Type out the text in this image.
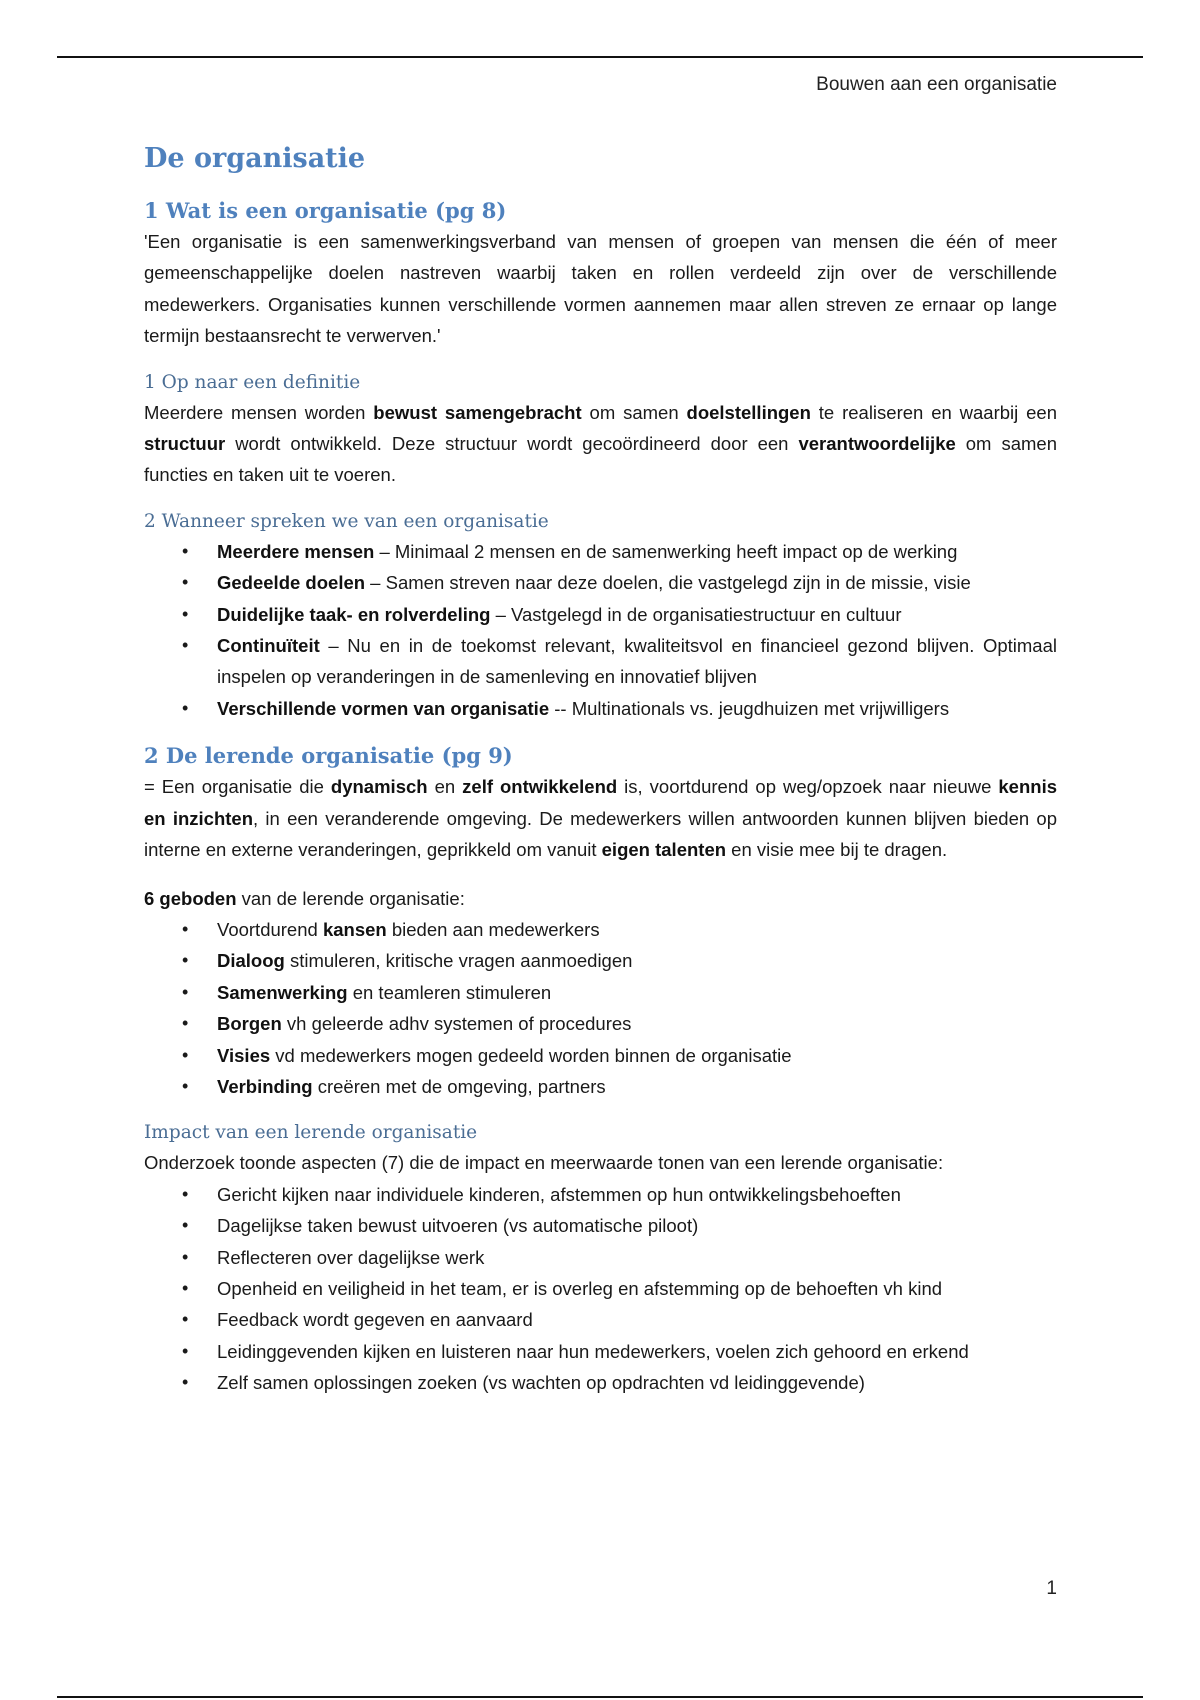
Bouwen aan een organisatie
De organisatie
1 Wat is een organisatie (pg 8)

'Een organisatie is een samenwerkingsverband van mensen of groepen van mensen die één of meer gemeenschappelijke doelen nastreven waarbij taken en rollen verdeeld zijn over de verschillende medewerkers. Organisaties kunnen verschillende vormen aannemen maar allen streven ze ernaar op lange termijn bestaansrecht te verwerven.'

1 Op naar een definitie

Meerdere mensen worden bewust samengebracht om samen doelstellingen te realiseren en waarbij een structuur wordt ontwikkeld. Deze structuur wordt gecoördineerd door een verantwoordelijke om samen functies en taken uit te voeren.

2 Wanneer spreken we van een organisatie
• Meerdere mensen – Minimaal 2 mensen en de samenwerking heeft impact op de werking
• Gedeelde doelen – Samen streven naar deze doelen, die vastgelegd zijn in de missie, visie
• Duidelijke taak- en rolverdeling – Vastgelegd in de organisatiestructuur en cultuur
• Continuïteit – Nu en in de toekomst relevant, kwaliteitsvol en financieel gezond blijven. Optimaal inspelen op veranderingen in de samenleving en innovatief blijven
• Verschillende vormen van organisatie -- Multinationals vs. jeugdhuizen met vrijwilligers
2 De lerende organisatie (pg 9)

= Een organisatie die dynamisch en zelf ontwikkelend is, voortdurend op weg/opzoek naar nieuwe kennis en inzichten, in een veranderende omgeving. De medewerkers willen antwoorden kunnen blijven bieden op interne en externe veranderingen, geprikkeld om vanuit eigen talenten en visie mee bij te dragen.

6 geboden van de lerende organisatie:

• Voortdurend kansen bieden aan medewerkers
• Dialoog stimuleren, kritische vragen aanmoedigen
• Samenwerking en teamleren stimuleren
• Borgen vh geleerde adhv systemen of procedures
• Visies vd medewerkers mogen gedeeld worden binnen de organisatie
• Verbinding creëren met de omgeving, partners
Impact van een lerende organisatie

Onderzoek toonde aspecten (7) die de impact en meerwaarde tonen van een lerende organisatie:

• Gericht kijken naar individuele kinderen, afstemmen op hun ontwikkelingsbehoeften
• Dagelijkse taken bewust uitvoeren (vs automatische piloot)
• Reflecteren over dagelijkse werk
• Openheid en veiligheid in het team, er is overleg en afstemming op de behoeften vh kind
• Feedback wordt gegeven en aanvaard
• Leidinggevenden kijken en luisteren naar hun medewerkers, voelen zich gehoord en erkend
• Zelf samen oplossingen zoeken (vs wachten op opdrachten vd leidinggevende)
1
